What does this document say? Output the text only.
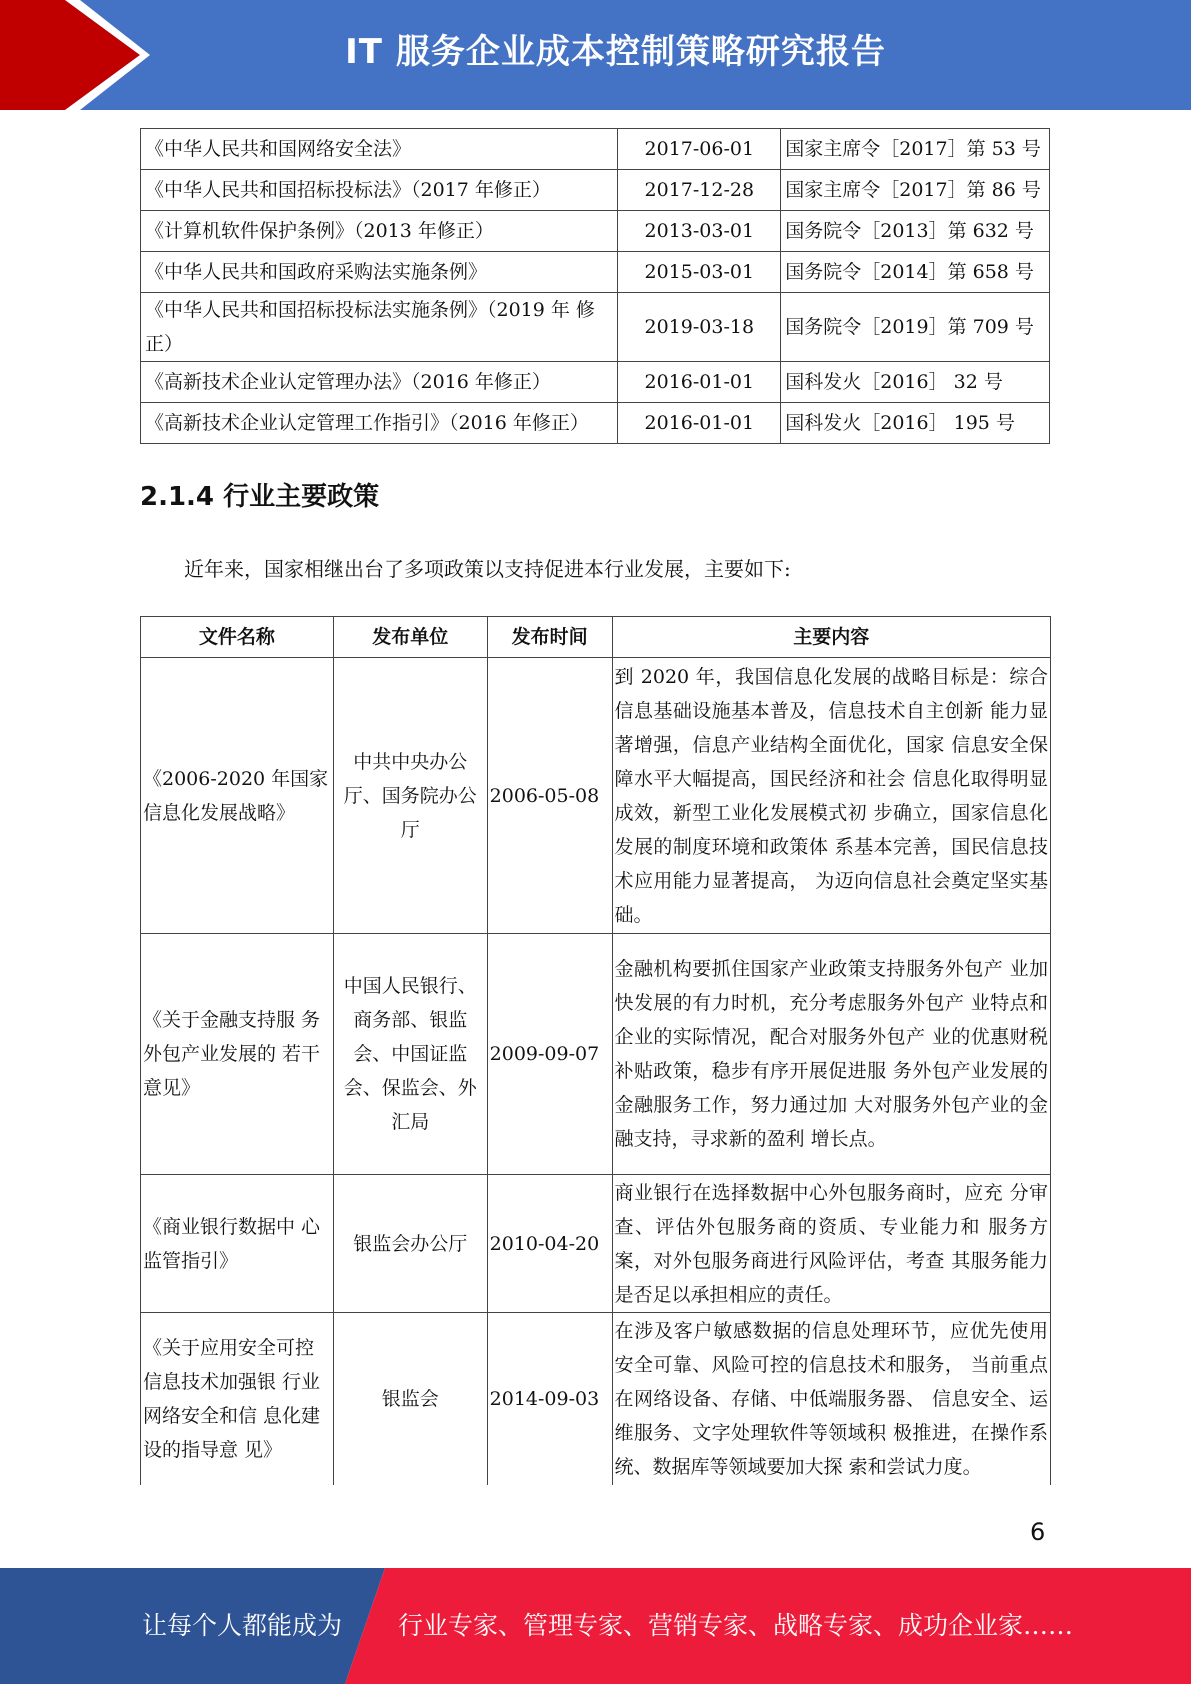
IT 服务企业成本控制策略研究报告
《中华人民共和国网络安全法》	2017-06-01	国家主席令［2017］第 53 号
《中华人民共和国招标投标法》（2017 年修正）	2017-12-28	国家主席令［2017］第 86 号
《计算机软件保护条例》（2013 年修正）	2013-03-01	国务院令［2013］第 632 号
《中华人民共和国政府采购法实施条例》	2015-03-01	国务院令［2014］第 658 号
《中华人民共和国招标投标法实施条例》（2019 年 修正）	2019-03-18	国务院令［2019］第 709 号
《高新技术企业认定管理办法》（2016 年修正）	2016-01-01	国科发火［2016］ 32 号
《高新技术企业认定管理工作指引》（2016 年修正）	2016-01-01	国科发火［2016］ 195 号
2.1.4 行业主要政策

近年来，国家相继出台了多项政策以支持促进本行业发展，主要如下:

文件名称	发布单位	发布时间	主要内容
《2006-2020 年国家信息化发展战略》	中共中央办公厅、国务院办公厅	2006-05-08	到 2020 年，我国信息化发展的战略目标是：综合信息基础设施基本普及，信息技术自主创新 能力显著增强，信息产业结构全面优化，国家 信息安全保障水平大幅提高，国民经济和社会 信息化取得明显成效，新型工业化发展模式初 步确立，国家信息化发展的制度环境和政策体 系基本完善，国民信息技术应用能力显著提高， 为迈向信息社会奠定坚实基础。
《关于金融支持服 务外包产业发展的 若干意见》	中国人民银行、商务部、银监会、中国证监会、保监会、外汇局	2009-09-07	金融机构要抓住国家产业政策支持服务外包产 业加快发展的有力时机，充分考虑服务外包产 业特点和企业的实际情况，配合对服务外包产 业的优惠财税补贴政策，稳步有序开展促进服 务外包产业发展的金融服务工作，努力通过加 大对服务外包产业的金融支持，寻求新的盈利 增长点。
《商业银行数据中 心监管指引》	银监会办公厅	2010-04-20	商业银行在选择数据中心外包服务商时，应充 分审查、评估外包服务商的资质、专业能力和 服务方案，对外包服务商进行风险评估，考查 其服务能力是否足以承担相应的责任。
《关于应用安全可控信息技术加强银 行业网络安全和信 息化建设的指导意 见》	银监会	2014-09-03	在涉及客户敏感数据的信息处理环节，应优先使用安全可靠、风险可控的信息技术和服务， 当前重点在网络设备、存储、中低端服务器、 信息安全、运维服务、文字处理软件等领域积 极推进，在操作系统、数据库等领域要加大探 索和尝试力度。
6
让每个人都能成为 行业专家、管理专家、营销专家、战略专家、成功企业家……
